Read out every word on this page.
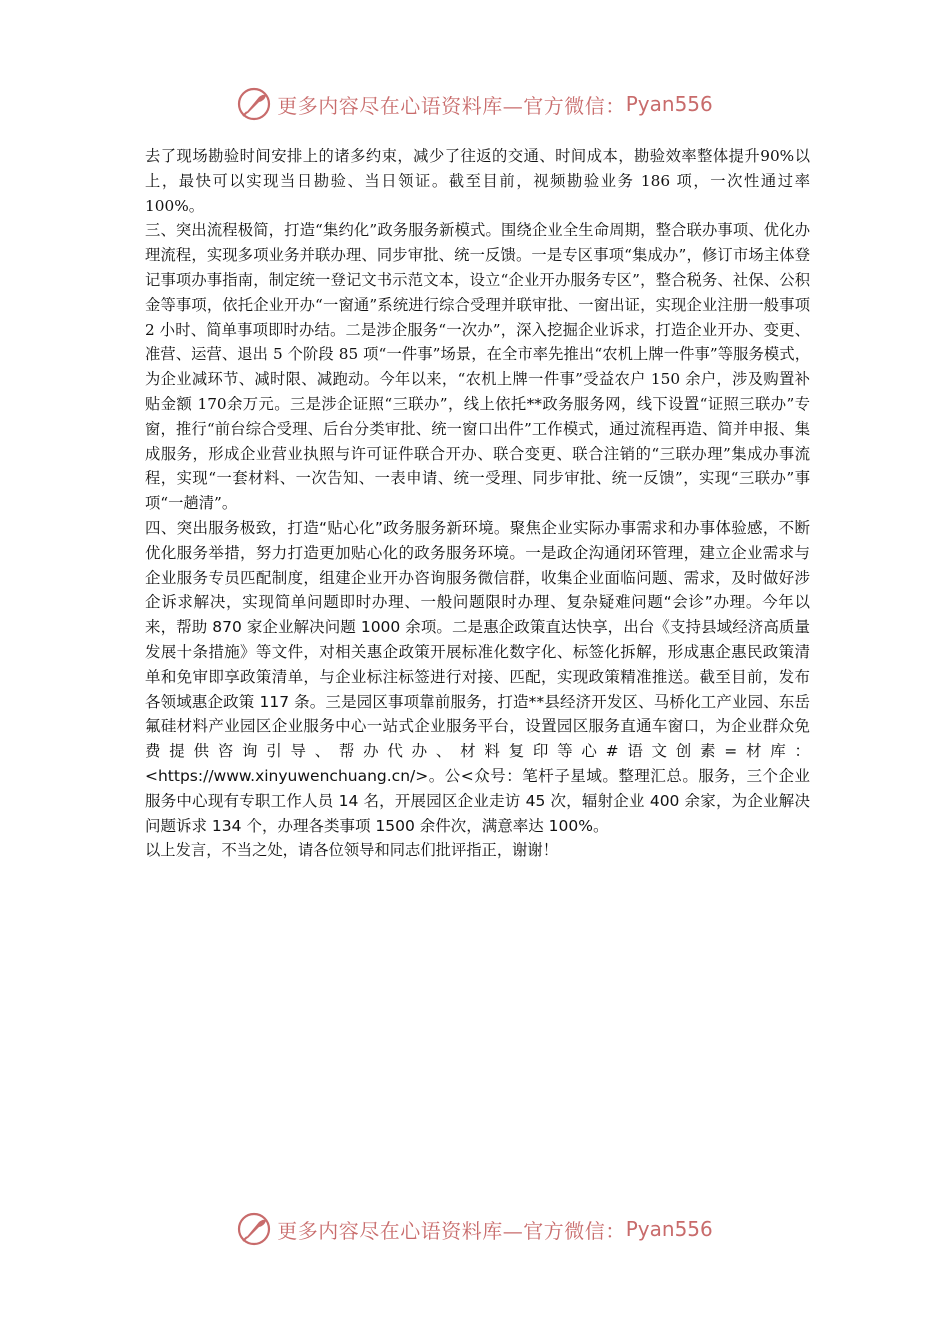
更多内容尽在心语资料库—官方微信： Pyan556

去了现场勘验时间安排上的诸多约束，减少了往返的交通、时间成本，勘验效率整体提升90%以上，最快可以实现当日勘验、当日领证。截至目前，视频勘验业务 186 项，一次性通过率 100%。

三、突出流程极简，打造“集约化”政务服务新模式。围绕企业全生命周期，整合联办事项、优化办理流程，实现多项业务并联办理、同步审批、统一反馈。一是专区事项“集成办”，修订市场主体登记事项办事指南，制定统一登记文书示范文本，设立“企业开办服务专区”，整合税务、社保、公积金等事项，依托企业开办“一窗通”系统进行综合受理并联审批、一窗出证，实现企业注册一般事项 2 小时、简单事项即时办结。二是涉企服务“一次办”，深入挖掘企业诉求，打造企业开办、变更、准营、运营、退出 5 个阶段 85 项“一件事”场景，在全市率先推出“农机上牌一件事”等服务模式，为企业减环节、减时限、减跑动。今年以来，“农机上牌一件事”受益农户 150 余户，涉及购置补贴金额 170余万元。三是涉企证照“三联办”，线上依托**政务服务网，线下设置“证照三联办”专窗，推行“前台综合受理、后台分类审批、统一窗口出件”工作模式，通过流程再造、简并申报、集成服务，形成企业营业执照与许可证件联合开办、联合变更、联合注销的“三联办理”集成办事流程，实现“一套材料、一次告知、一表申请、统一受理、同步审批、统一反馈”，实现“三联办”事项“一趟清”。

四、突出服务极致，打造“贴心化”政务服务新环境。聚焦企业实际办事需求和办事体验感，不断优化服务举措，努力打造更加贴心化的政务服务环境。一是政企沟通闭环管理，建立企业需求与企业服务专员匹配制度，组建企业开办咨询服务微信群，收集企业面临问题、需求，及时做好涉企诉求解决，实现简单问题即时办理、一般问题限时办理、复杂疑难问题“会诊”办理。今年以来，帮助 870 家企业解决问题 1000 余项。二是惠企政策直达快享，出台《支持县域经济高质量发展十条措施》等文件，对相关惠企政策开展标准化数字化、标签化拆解，形成惠企惠民政策清单和免审即享政策清单，与企业标注标签进行对接、匹配，实现政策精准推送。截至目前，发布各领域惠企政策 117 条。三是园区事项靠前服务，打造**县经济开发区、马桥化工产业园、东岳氟硅材料产业园区企业服务中心一站式企业服务平台，设置园区服务直通车窗口，为企业群众免费提供咨询引导、帮办代办、材料复印等心#语文创素=材库：<https://www.xinyuwenchuang.cn/>。公<众号：笔杆子星域。整理汇总。服务，三个企业服务中心现有专职工作人员 14 名，开展园区企业走访 45 次，辐射企业 400 余家，为企业解决问题诉求 134 个，办理各类事项 1500 余件次，满意率达 100%。

以上发言，不当之处，请各位领导和同志们批评指正，谢谢！

更多内容尽在心语资料库—官方微信： Pyan556
